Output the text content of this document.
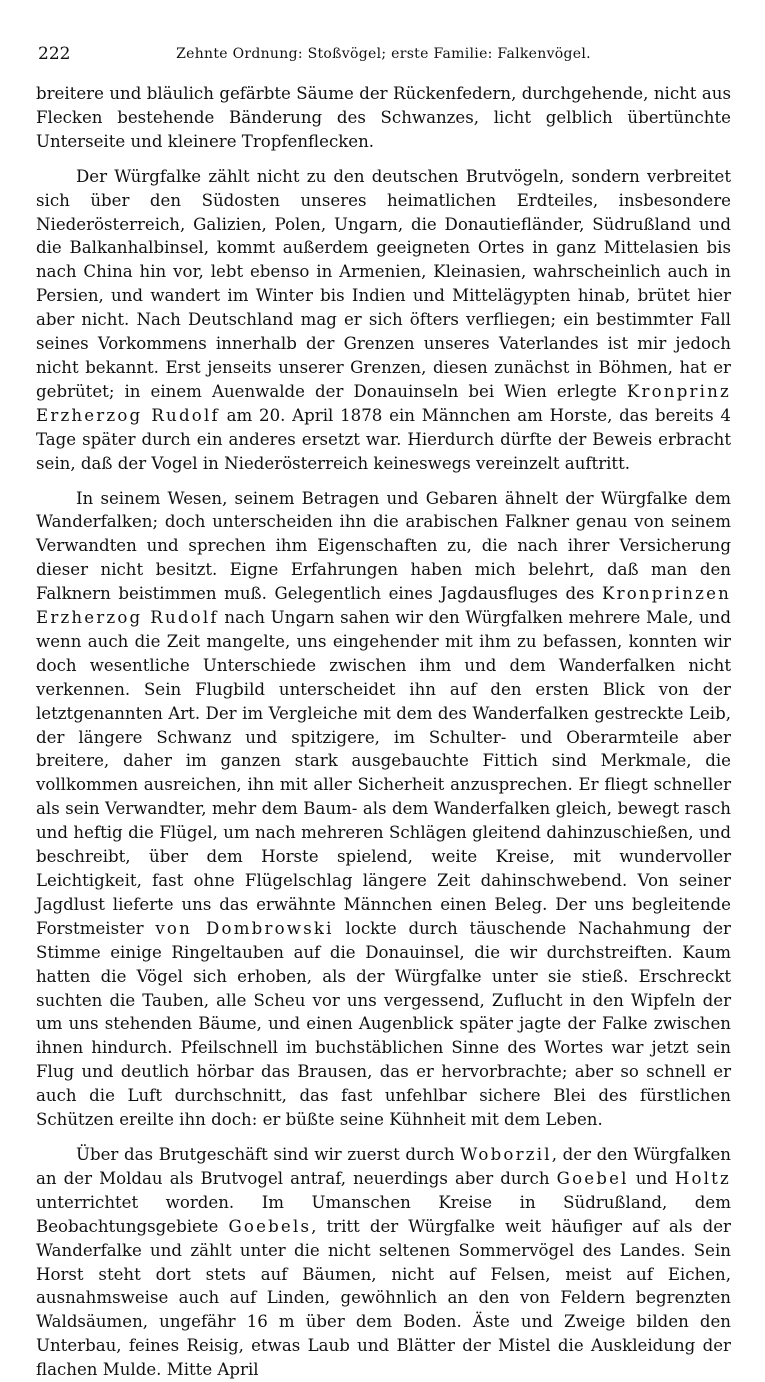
222	Zehnte Ordnung: Stoßvögel; erste Familie: Falkenvögel.

breitere und bläulich gefärbte Säume der Rückenfedern, durchgehende, nicht aus Flecken bestehende Bänderung des Schwanzes, licht gelblich übertünchte Unterseite und kleinere Tropfenflecken.

Der Würgfalke zählt nicht zu den deutschen Brutvögeln, sondern verbreitet sich über den Südosten unseres heimatlichen Erdteiles, insbesondere Niederösterreich, Galizien, Polen, Ungarn, die Donautiefländer, Südrußland und die Balkanhalbinsel, kommt außerdem geeigneten Ortes in ganz Mittelasien bis nach China hin vor, lebt ebenso in Armenien, Kleinasien, wahrscheinlich auch in Persien, und wandert im Winter bis Indien und Mittelägypten hinab, brütet hier aber nicht. Nach Deutschland mag er sich öfters verfliegen; ein bestimmter Fall seines Vorkommens innerhalb der Grenzen unseres Vaterlandes ist mir jedoch nicht bekannt. Erst jenseits unserer Grenzen, diesen zunächst in Böhmen, hat er gebrütet; in einem Auenwalde der Donauinseln bei Wien erlegte Kronprinz Erzherzog Rudolf am 20. April 1878 ein Männchen am Horste, das bereits 4 Tage später durch ein anderes ersetzt war. Hierdurch dürfte der Beweis erbracht sein, daß der Vogel in Niederösterreich keineswegs vereinzelt auftritt.

In seinem Wesen, seinem Betragen und Gebaren ähnelt der Würgfalke dem Wanderfalken; doch unterscheiden ihn die arabischen Falkner genau von seinem Verwandten und sprechen ihm Eigenschaften zu, die nach ihrer Versicherung dieser nicht besitzt. Eigne Erfahrungen haben mich belehrt, daß man den Falknern beistimmen muß. Gelegentlich eines Jagdausfluges des Kronprinzen Erzherzog Rudolf nach Ungarn sahen wir den Würgfalken mehrere Male, und wenn auch die Zeit mangelte, uns eingehender mit ihm zu befassen, konnten wir doch wesentliche Unterschiede zwischen ihm und dem Wanderfalken nicht verkennen. Sein Flugbild unterscheidet ihn auf den ersten Blick von der letztgenannten Art. Der im Vergleiche mit dem des Wanderfalken gestreckte Leib, der längere Schwanz und spitzigere, im Schulter- und Oberarmteile aber breitere, daher im ganzen stark ausgebauchte Fittich sind Merkmale, die vollkommen ausreichen, ihn mit aller Sicherheit anzusprechen. Er fliegt schneller als sein Verwandter, mehr dem Baum- als dem Wanderfalken gleich, bewegt rasch und heftig die Flügel, um nach mehreren Schlägen gleitend dahinzuschießen, und beschreibt, über dem Horste spielend, weite Kreise, mit wundervoller Leichtigkeit, fast ohne Flügelschlag längere Zeit dahinschwebend. Von seiner Jagdlust lieferte uns das erwähnte Männchen einen Beleg. Der uns begleitende Forstmeister von Dombrowski lockte durch täuschende Nachahmung der Stimme einige Ringeltauben auf die Donauinsel, die wir durchstreiften. Kaum hatten die Vögel sich erhoben, als der Würgfalke unter sie stieß. Erschreckt suchten die Tauben, alle Scheu vor uns vergessend, Zuflucht in den Wipfeln der um uns stehenden Bäume, und einen Augenblick später jagte der Falke zwischen ihnen hindurch. Pfeilschnell im buchstäblichen Sinne des Wortes war jetzt sein Flug und deutlich hörbar das Brausen, das er hervorbrachte; aber so schnell er auch die Luft durchschnitt, das fast unfehlbar sichere Blei des fürstlichen Schützen ereilte ihn doch: er büßte seine Kühnheit mit dem Leben.

Über das Brutgeschäft sind wir zuerst durch Woborzil, der den Würgfalken an der Moldau als Brutvogel antraf, neuerdings aber durch Goebel und Holtz unterrichtet worden. Im Umanschen Kreise in Südrußland, dem Beobachtungsgebiete Goebels, tritt der Würgfalke weit häufiger auf als der Wanderfalke und zählt unter die nicht seltenen Sommervögel des Landes. Sein Horst steht dort stets auf Bäumen, nicht auf Felsen, meist auf Eichen, ausnahmsweise auch auf Linden, gewöhnlich an den von Feldern begrenzten Waldsäumen, ungefähr 16 m über dem Boden. Äste und Zweige bilden den Unterbau, feines Reisig, etwas Laub und Blätter der Mistel die Auskleidung der flachen Mulde. Mitte April
